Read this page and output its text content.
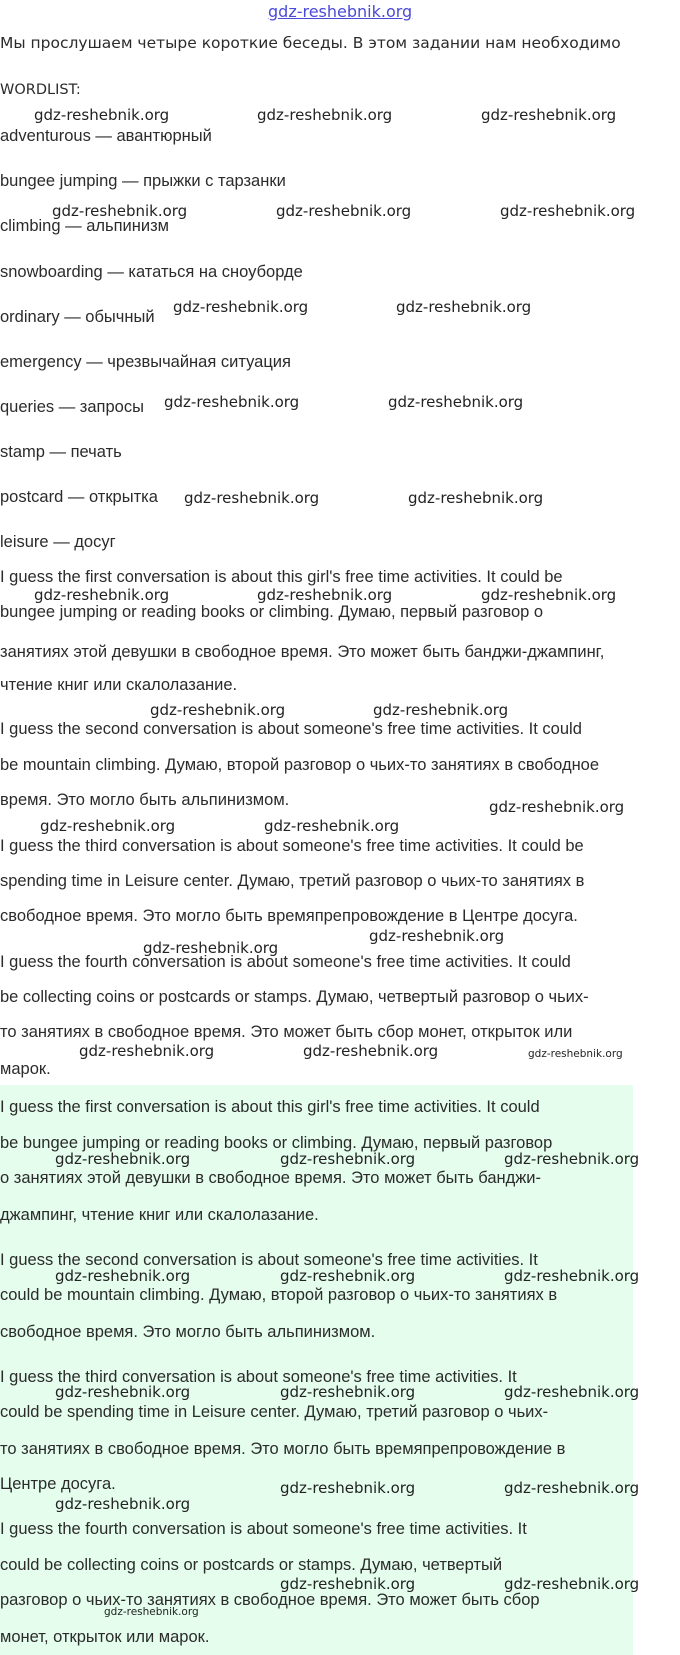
gdz-reshebnik.org
Мы прослушаем четыре короткие беседы. В этом задании нам необходимо
WORDLIST:
adventurous — авантюрный
bungee jumping — прыжки с тарзанки
climbing — альпинизм
snowboarding — кататься на сноуборде
ordinary — обычный
emergency — чрезвычайная ситуация
queries — запросы
stamp — печать
postcard — открытка
leisure — досуг
I guess the first conversation is about this girl's free time activities. It could be
bungee jumping or reading books or climbing. Думаю, первый разговор о
занятиях этой девушки в свободное время. Это может быть банджи-джампинг,
чтение книг или скалолазание.
I guess the second conversation is about someone's free time activities. It could
be mountain climbing. Думаю, второй разговор о чьих-то занятиях в свободное
время. Это могло быть альпинизмом.
I guess the third conversation is about someone's free time activities. It could be
spending time in Leisure center. Думаю, третий разговор о чьих-то занятиях в
свободное время. Это могло быть времяпрепровождение в Центре досуга.
I guess the fourth conversation is about someone's free time activities. It could
be collecting coins or postcards or stamps. Думаю, четвертый разговор о чьих-
то занятиях в свободное время. Это может быть сбор монет, открыток или
марок.
I guess the first conversation is about this girl's free time activities. It could
be bungee jumping or reading books or climbing. Думаю, первый разговор
о занятиях этой девушки в свободное время. Это может быть банджи-
джампинг, чтение книг или скалолазание.
I guess the second conversation is about someone's free time activities. It
could be mountain climbing. Думаю, второй разговор о чьих-то занятиях в
свободное время. Это могло быть альпинизмом.
I guess the third conversation is about someone's free time activities. It
could be spending time in Leisure center. Думаю, третий разговор о чьих-
то занятиях в свободное время. Это могло быть времяпрепровождение в
Центре досуга.
I guess the fourth conversation is about someone's free time activities. It
could be collecting coins or postcards or stamps. Думаю, четвертый
разговор о чьих-то занятиях в свободное время. Это может быть сбор
монет, открыток или марок.
gdz-reshebnik.org	gdz-reshebnik.org	gdz-reshebnik.org
gdz-reshebnik.org	gdz-reshebnik.org	gdz-reshebnik.org
gdz-reshebnik.org	gdz-reshebnik.org
gdz-reshebnik.org	gdz-reshebnik.org
gdz-reshebnik.org	gdz-reshebnik.org
gdz-reshebnik.org	gdz-reshebnik.org	gdz-reshebnik.org
gdz-reshebnik.org	gdz-reshebnik.org
gdz-reshebnik.org
gdz-reshebnik.org	gdz-reshebnik.org
gdz-reshebnik.org
gdz-reshebnik.org
gdz-reshebnik.org	gdz-reshebnik.org	gdz-reshebnik.org
gdz-reshebnik.org	gdz-reshebnik.org	gdz-reshebnik.org
gdz-reshebnik.org	gdz-reshebnik.org	gdz-reshebnik.org
gdz-reshebnik.org	gdz-reshebnik.org	gdz-reshebnik.org
gdz-reshebnik.org	gdz-reshebnik.org
gdz-reshebnik.org
gdz-reshebnik.org	gdz-reshebnik.org
gdz-reshebnik.org
